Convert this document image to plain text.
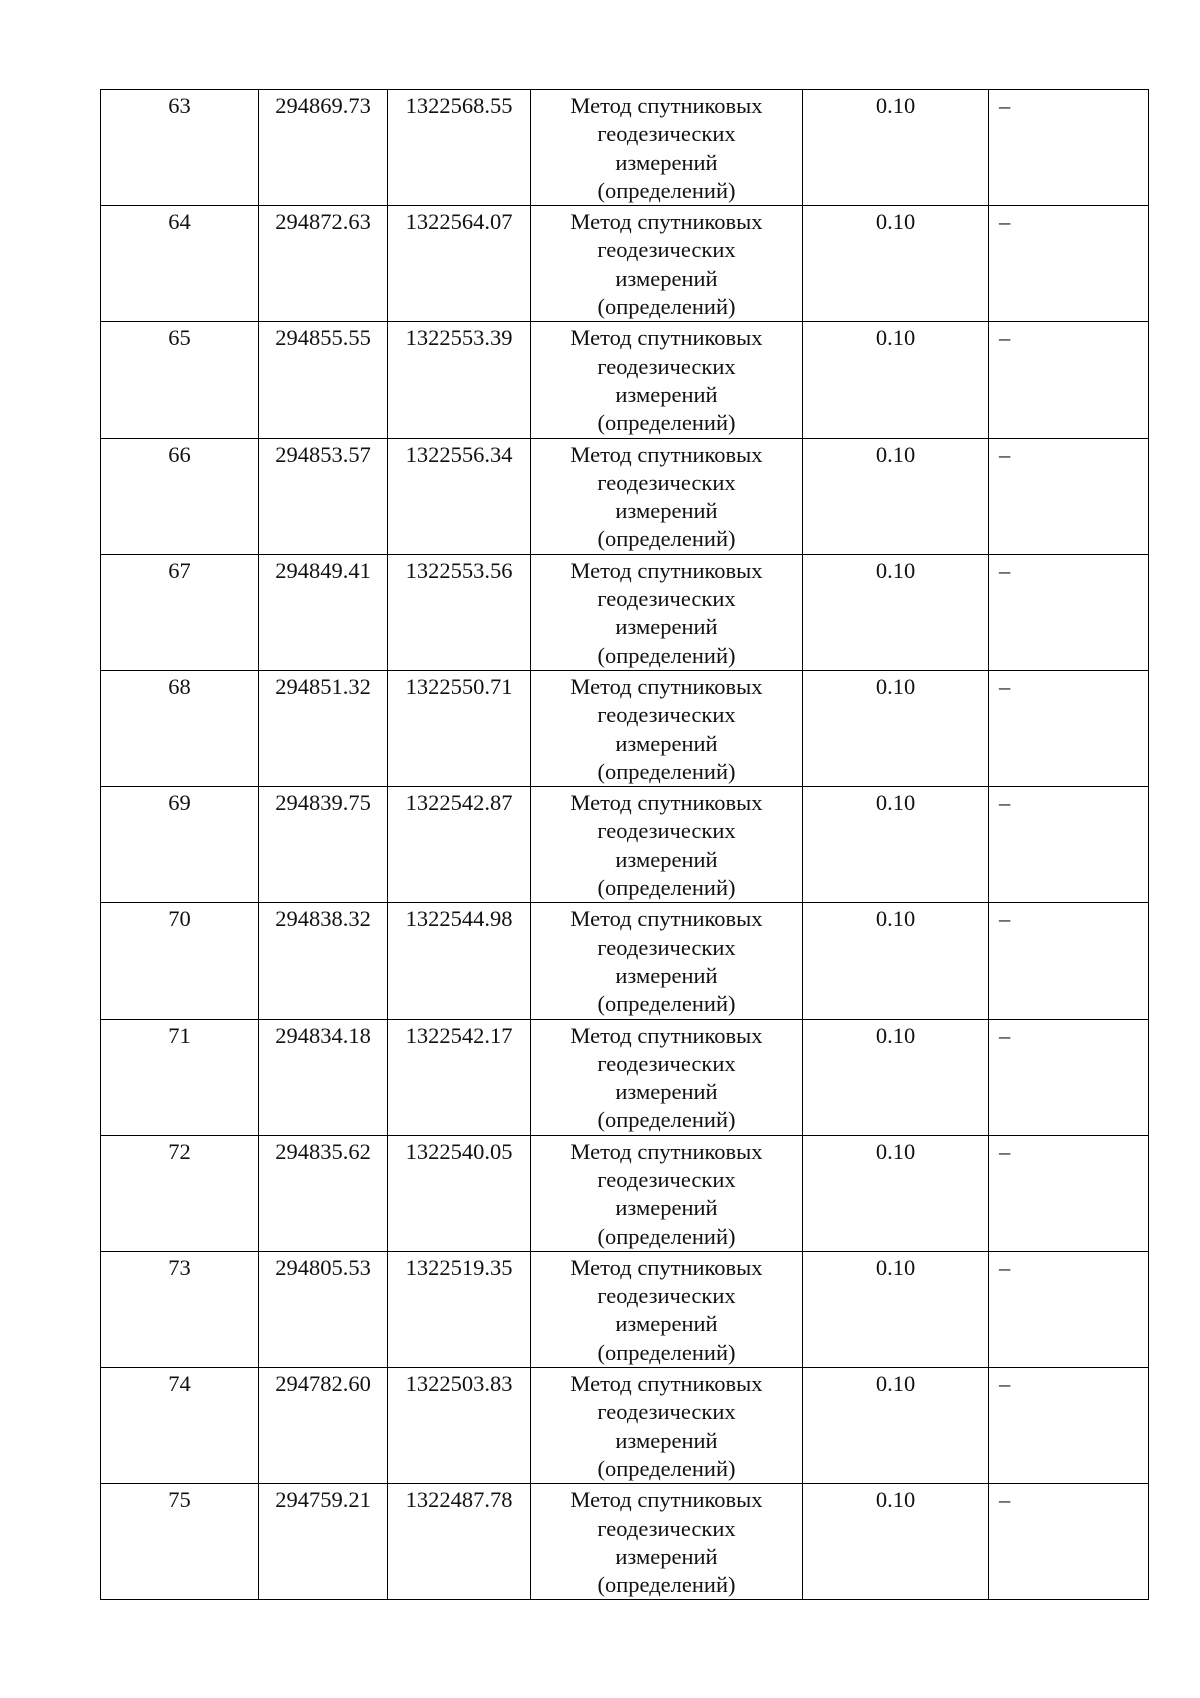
63	294869.73	1322568.55	Метод спутниковых
геодезических
измерений
(определений)	0.10	–

64	294872.63	1322564.07	Метод спутниковых
геодезических
измерений
(определений)	0.10	–

65	294855.55	1322553.39	Метод спутниковых
геодезических
измерений
(определений)	0.10	–

66	294853.57	1322556.34	Метод спутниковых
геодезических
измерений
(определений)	0.10	–

67	294849.41	1322553.56	Метод спутниковых
геодезических
измерений
(определений)	0.10	–

68	294851.32	1322550.71	Метод спутниковых
геодезических
измерений
(определений)	0.10	–

69	294839.75	1322542.87	Метод спутниковых
геодезических
измерений
(определений)	0.10	–

70	294838.32	1322544.98	Метод спутниковых
геодезических
измерений
(определений)	0.10	–

71	294834.18	1322542.17	Метод спутниковых
геодезических
измерений
(определений)	0.10	–

72	294835.62	1322540.05	Метод спутниковых
геодезических
измерений
(определений)	0.10	–

73	294805.53	1322519.35	Метод спутниковых
геодезических
измерений
(определений)	0.10	–

74	294782.60	1322503.83	Метод спутниковых
геодезических
измерений
(определений)	0.10	–

75	294759.21	1322487.78	Метод спутниковых
геодезических
измерений
(определений)	0.10	–
